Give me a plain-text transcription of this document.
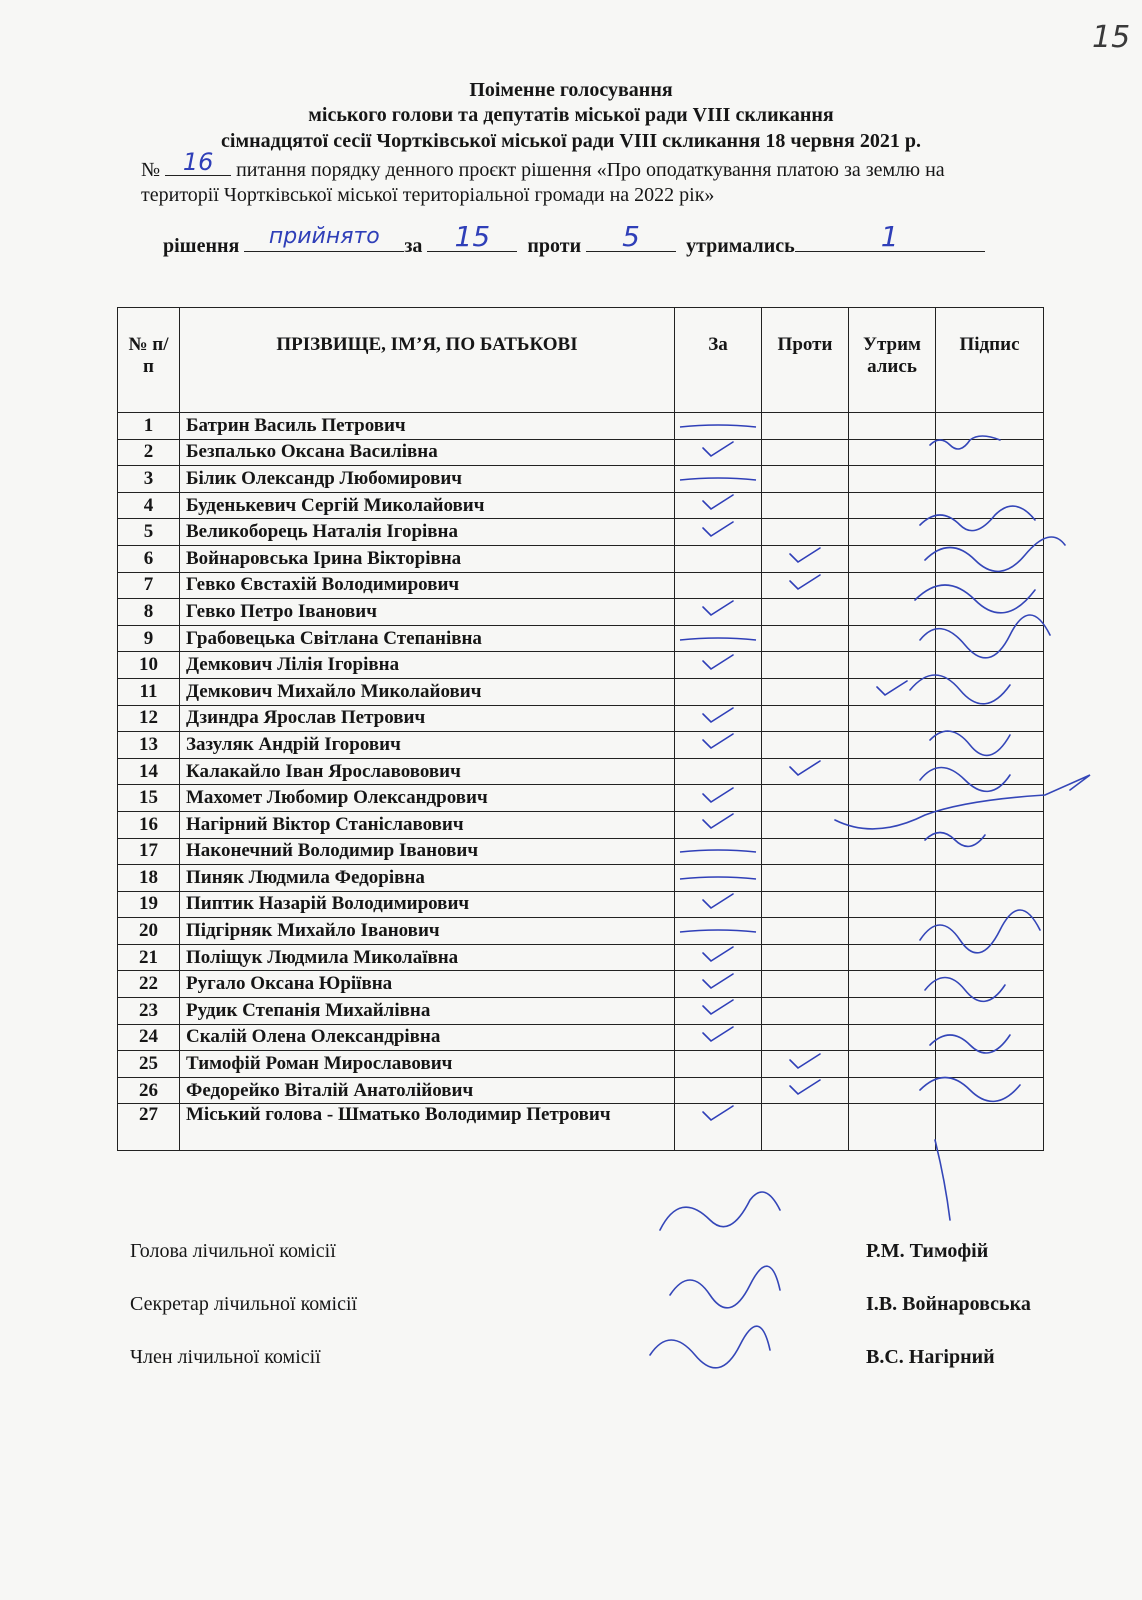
15
Поіменне голосування
міського голови та депутатів міської ради VIII скликання
сімнадцятої сесії Чортківської міської ради VIII скликання 18 червня 2021 р.
№ 16	питання порядку денного проєкт рішення «Про оподаткування платою за землю на
території Чортківської міської територіальної громади на 2022 рік»
рішення	прийнято	за	15	проти	5	утримались	1
№ п/п	ПРІЗВИЩЕ, ІМ’Я, ПО БАТЬКОВІ	За	Проти	Утримались	Підпис
1	Батрин Василь Петрович				
2	Безпалько Оксана Василівна				
3	Білик Олександр Любомирович				
4	Буденькевич Сергій Миколайович				
5	Великоборець Наталія Ігорівна				
6	Войнаровська Ірина Вікторівна				
7	Гевко Євстахій Володимирович				
8	Гевко Петро Іванович				
9	Грабовецька Світлана Степанівна				
10	Демкович Лілія Ігорівна				
11	Демкович Михайло Миколайович				
12	Дзиндра Ярослав Петрович				
13	Зазуляк Андрій Ігорович				
14	Калакайло Іван Ярославовович				
15	Махомет Любомир Олександрович				
16	Нагірний Віктор Станіславович				
17	Наконечний Володимир Іванович				
18	Пиняк Людмила Федорівна				
19	Пиптик Назарій Володимирович				
20	Підгірняк Михайло Іванович				
21	Поліщук Людмила Миколаївна				
22	Ругало Оксана Юріївна				
23	Рудик Степанія Михайлівна				
24	Скалій Олена Олександрівна				
25	Тимофій Роман Мирославович				
26	Федорейко Віталій Анатолійович				
27	Міський голова - Шматько Володимир Петрович				
Голова лічильної комісії	Р.М. Тимофій
Секретар лічильної комісії	І.В. Войнаровська
Член лічильної комісії	В.С. Нагірний
